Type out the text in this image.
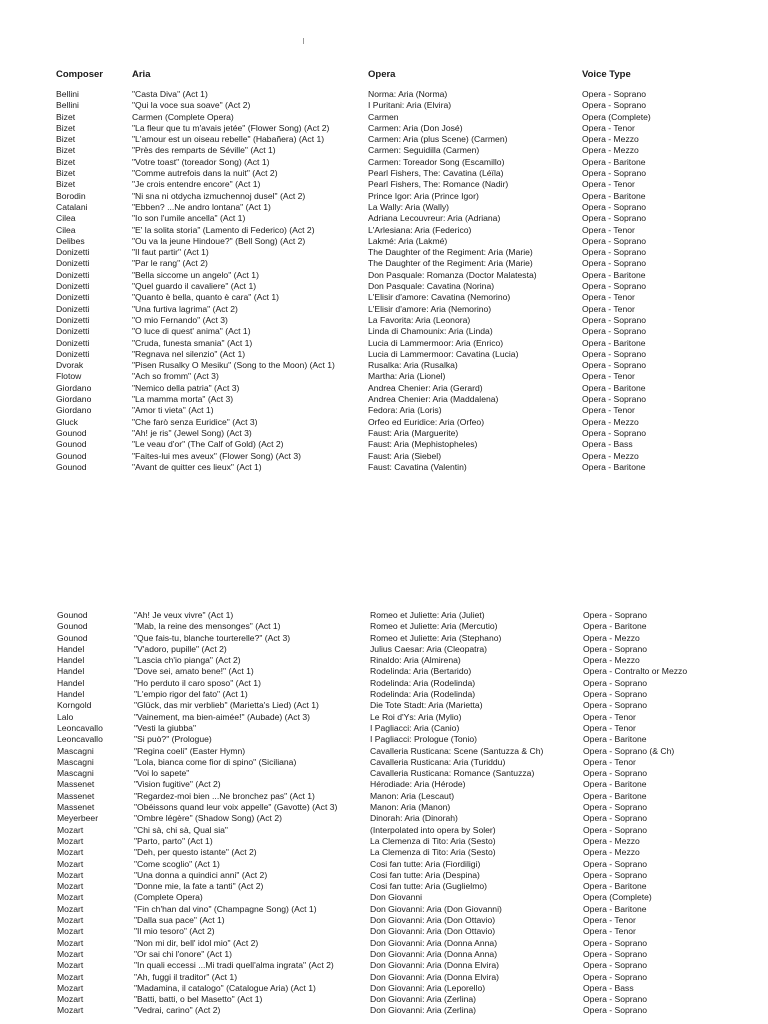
Composer	Aria	Opera	Voice Type
Bellini	"Casta Diva" (Act 1)	Norma: Aria (Norma)	Opera - Soprano
Bellini	"Qui la voce sua soave" (Act 2)	I Puritani: Aria (Elvira)	Opera - Soprano
Bizet	Carmen (Complete Opera)	Carmen	Opera (Complete)
Bizet	"La fleur que tu m'avais jetée" (Flower Song) (Act 2)	Carmen: Aria (Don José)	Opera - Tenor
Bizet	"L'amour est un oiseau rebelle" (Habañera) (Act 1)	Carmen: Aria (plus Scene) (Carmen)	Opera - Mezzo
Bizet	"Près des remparts de Séville" (Act 1)	Carmen: Seguidilla (Carmen)	Opera - Mezzo
Bizet	"Votre toast" (toreador Song) (Act 1)	Carmen: Toreador Song (Escamillo)	Opera - Baritone
Bizet	"Comme autrefois dans la nuit" (Act 2)	Pearl Fishers, The: Cavatina (Léïla)	Opera - Soprano
Bizet	"Je crois entendre encore" (Act 1)	Pearl Fishers, The: Romance (Nadir)	Opera - Tenor
Borodin	"Ni sna ni otdycha izmuchennoj dusel" (Act 2)	Prince Igor: Aria (Prince Igor)	Opera - Baritone
Catalani	"Ebben? ...Ne andro lontana" (Act 1)	La Wally: Aria (Wally)	Opera - Soprano
Cilea	"Io son l'umile ancella" (Act 1)	Adriana Lecouvreur: Aria (Adriana)	Opera - Soprano
Cilea	"E' la solita storia" (Lamento di Federico) (Act 2)	L'Arlesiana: Aria (Federico)	Opera - Tenor
Delibes	"Ou va la jeune Hindoue?" (Bell Song) (Act 2)	Lakmé: Aria (Lakmé)	Opera - Soprano
Donizetti	"Il faut partir" (Act 1)	The Daughter of the Regiment: Aria (Marie)	Opera - Soprano
Donizetti	"Par le rang" (Act 2)	The Daughter of the Regiment: Aria (Marie)	Opera - Soprano
Donizetti	"Bella siccome un angelo" (Act 1)	Don Pasquale: Romanza (Doctor Malatesta)	Opera - Baritone
Donizetti	"Quel guardo il cavaliere" (Act 1)	Don Pasquale: Cavatina (Norina)	Opera - Soprano
Donizetti	"Quanto è bella, quanto è cara" (Act 1)	L'Elisir d'amore: Cavatina (Nemorino)	Opera - Tenor
Donizetti	"Una furtiva lagrima" (Act 2)	L'Elisir d'amore: Aria (Nemorino)	Opera - Tenor
Donizetti	"O mio Fernando" (Act 3)	La Favorita: Aria (Leonora)	Opera - Soprano
Donizetti	"O luce di quest' anima" (Act 1)	Linda di Chamounix: Aria (Linda)	Opera - Soprano
Donizetti	"Cruda, funesta smania" (Act 1)	Lucia di Lammermoor: Aria (Enrico)	Opera - Baritone
Donizetti	"Regnava nel silenzio" (Act 1)	Lucia di Lammermoor: Cavatina (Lucia)	Opera - Soprano
Dvorak	"Pisen Rusalky O Mesiku" (Song to the Moon) (Act 1)	Rusalka: Aria (Rusalka)	Opera - Soprano
Flotow	"Ach so fromm" (Act 3)	Martha: Aria (Lionel)	Opera - Tenor
Giordano	"Nemico della patria" (Act 3)	Andrea Chenier: Aria (Gerard)	Opera - Baritone
Giordano	"La mamma morta" (Act 3)	Andrea Chenier: Aria (Maddalena)	Opera - Soprano
Giordano	"Amor ti vieta" (Act 1)	Fedora: Aria (Loris)	Opera - Tenor
Gluck	"Che farò senza Euridice" (Act 3)	Orfeo ed Euridice: Aria (Orfeo)	Opera - Mezzo
Gounod	"Ah! je ris" (Jewel Song) (Act 3)	Faust: Aria (Marguerite)	Opera - Soprano
Gounod	"Le veau d'or" (The Calf of Gold) (Act 2)	Faust: Aria (Mephistopheles)	Opera - Bass
Gounod	"Faites-lui mes aveux" (Flower Song) (Act 3)	Faust: Aria (Siebel)	Opera - Mezzo
Gounod	"Avant de quitter ces lieux" (Act 1)	Faust: Cavatina (Valentin)	Opera - Baritone
Gounod	"Ah! Je veux vivre" (Act 1)	Romeo et Juliette: Aria (Juliet)	Opera - Soprano
Gounod	"Mab, la reine des mensonges" (Act 1)	Romeo et Juliette: Aria (Mercutio)	Opera - Baritone
Gounod	"Que fais-tu, blanche tourterelle?" (Act 3)	Romeo et Juliette: Aria (Stephano)	Opera - Mezzo
Handel	"V'adoro, pupille" (Act 2)	Julius Caesar: Aria (Cleopatra)	Opera - Soprano
Handel	"Lascia ch'io pianga" (Act 2)	Rinaldo: Aria (Almirena)	Opera - Mezzo
Handel	"Dove sei, amato bene!" (Act 1)	Rodelinda: Aria (Bertarido)	Opera - Contralto or Mezzo
Handel	"Ho perduto il caro sposo" (Act 1)	Rodelinda: Aria (Rodelinda)	Opera - Soprano
Handel	"L'empio rigor del fato" (Act 1)	Rodelinda: Aria (Rodelinda)	Opera - Soprano
Korngold	"Glück, das mir verblieb" (Marietta's Lied) (Act 1)	Die Tote Stadt: Aria (Marietta)	Opera - Soprano
Lalo	"Vainement, ma bien-aimée!" (Aubade) (Act 3)	Le Roi d'Ys: Aria (Mylio)	Opera - Tenor
Leoncavallo	"Vesti la giubba"	I Pagliacci: Aria (Canio)	Opera - Tenor
Leoncavallo	"Si può?" (Prologue)	I Pagliacci: Prologue (Tonio)	Opera - Baritone
Mascagni	"Regina coeli" (Easter Hymn)	Cavalleria Rusticana: Scene (Santuzza & Ch)	Opera - Soprano (& Ch)
Mascagni	"Lola, bianca come fior di spino" (Siciliana)	Cavalleria Rusticana: Aria (Turiddu)	Opera - Tenor
Mascagni	"Voi lo sapete"	Cavalleria Rusticana: Romance (Santuzza)	Opera - Soprano
Massenet	"Vision fugitive" (Act 2)	Hérodiade: Aria (Hérode)	Opera - Baritone
Massenet	"Regardez-moi bien ...Ne bronchez pas" (Act 1)	Manon: Aria (Lescaut)	Opera - Baritone
Massenet	"Obéissons quand leur voix appelle" (Gavotte) (Act 3)	Manon: Aria (Manon)	Opera - Soprano
Meyerbeer	"Ombre légère" (Shadow Song) (Act 2)	Dinorah: Aria (Dinorah)	Opera - Soprano
Mozart	"Chi sà, chi sà, Qual sia"	(Interpolated into opera by Soler)	Opera - Soprano
Mozart	"Parto, parto" (Act 1)	La Clemenza di Tito: Aria (Sesto)	Opera - Mezzo
Mozart	"Deh, per questo istante" (Act 2)	La Clemenza di Tito: Aria (Sesto)	Opera - Mezzo
Mozart	"Come scoglio" (Act 1)	Cosi fan tutte: Aria (Fiordiligi)	Opera - Soprano
Mozart	"Una donna a quindici anni" (Act 2)	Cosi fan tutte: Aria (Despina)	Opera - Soprano
Mozart	"Donne mie, la fate a tanti" (Act 2)	Cosi fan tutte: Aria (Guglielmo)	Opera - Baritone
Mozart	(Complete Opera)	Don Giovanni	Opera (Complete)
Mozart	"Fin ch'han dal vino" (Champagne Song) (Act 1)	Don Giovanni: Aria (Don Giovanni)	Opera - Baritone
Mozart	"Dalla sua pace" (Act 1)	Don Giovanni: Aria (Don Ottavio)	Opera - Tenor
Mozart	"Il mio tesoro" (Act 2)	Don Giovanni: Aria (Don Ottavio)	Opera - Tenor
Mozart	"Non mi dir, bell' idol mio" (Act 2)	Don Giovanni: Aria (Donna Anna)	Opera - Soprano
Mozart	"Or sai chi l'onore" (Act 1)	Don Giovanni: Aria (Donna Anna)	Opera - Soprano
Mozart	"In quali eccessi ...Mi tradi quell'alma ingrata" (Act 2)	Don Giovanni: Aria (Donna Elvira)	Opera - Soprano
Mozart	"Ah, fuggi il traditor" (Act 1)	Don Giovanni: Aria (Donna Elvira)	Opera - Soprano
Mozart	"Madamina, il catalogo" (Catalogue Aria) (Act 1)	Don Giovanni: Aria (Leporello)	Opera - Bass
Mozart	"Batti, batti, o bel Masetto" (Act 1)	Don Giovanni: Aria (Zerlina)	Opera - Soprano
Mozart	"Vedrai, carino" (Act 2)	Don Giovanni: Aria (Zerlina)	Opera - Soprano
